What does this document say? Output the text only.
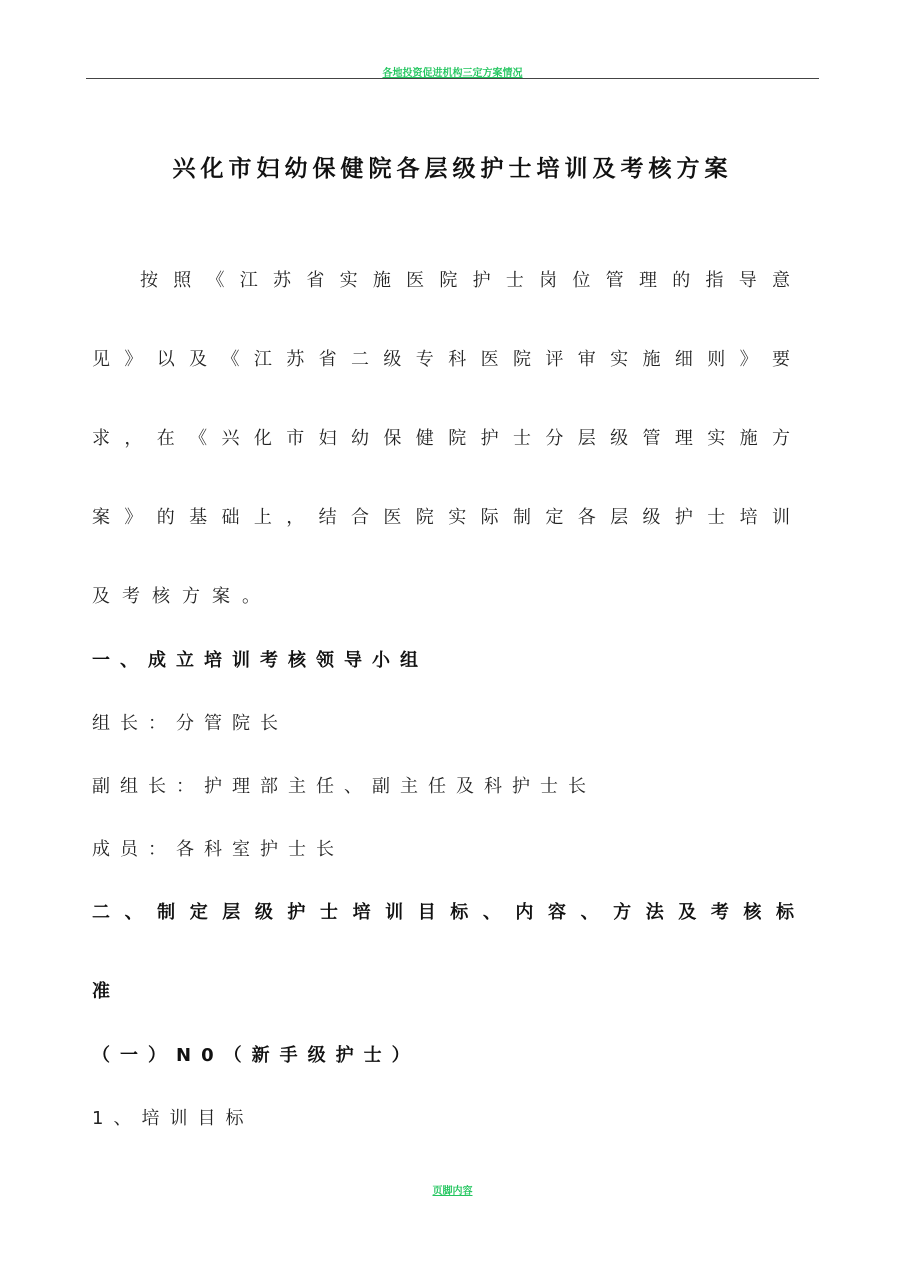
各地投资促进机构三定方案情况
兴化市妇幼保健院各层级护士培训及考核方案
按照《江苏省实施医院护士岗位管理的指导意
见》以及《江苏省二级专科医院评审实施细则》要
求，在《兴化市妇幼保健院护士分层级管理实施方
案》的基础上，结合医院实际制定各层级护士培训
及考核方案。
一、成立培训考核领导小组
组长：分管院长
副组长：护理部主任、副主任及科护士长
成员：各科室护士长
二、制定层级护士培训目标、内容、方法及考核标
准
（一）N0（新手级护士）
1、培训目标
页脚内容
